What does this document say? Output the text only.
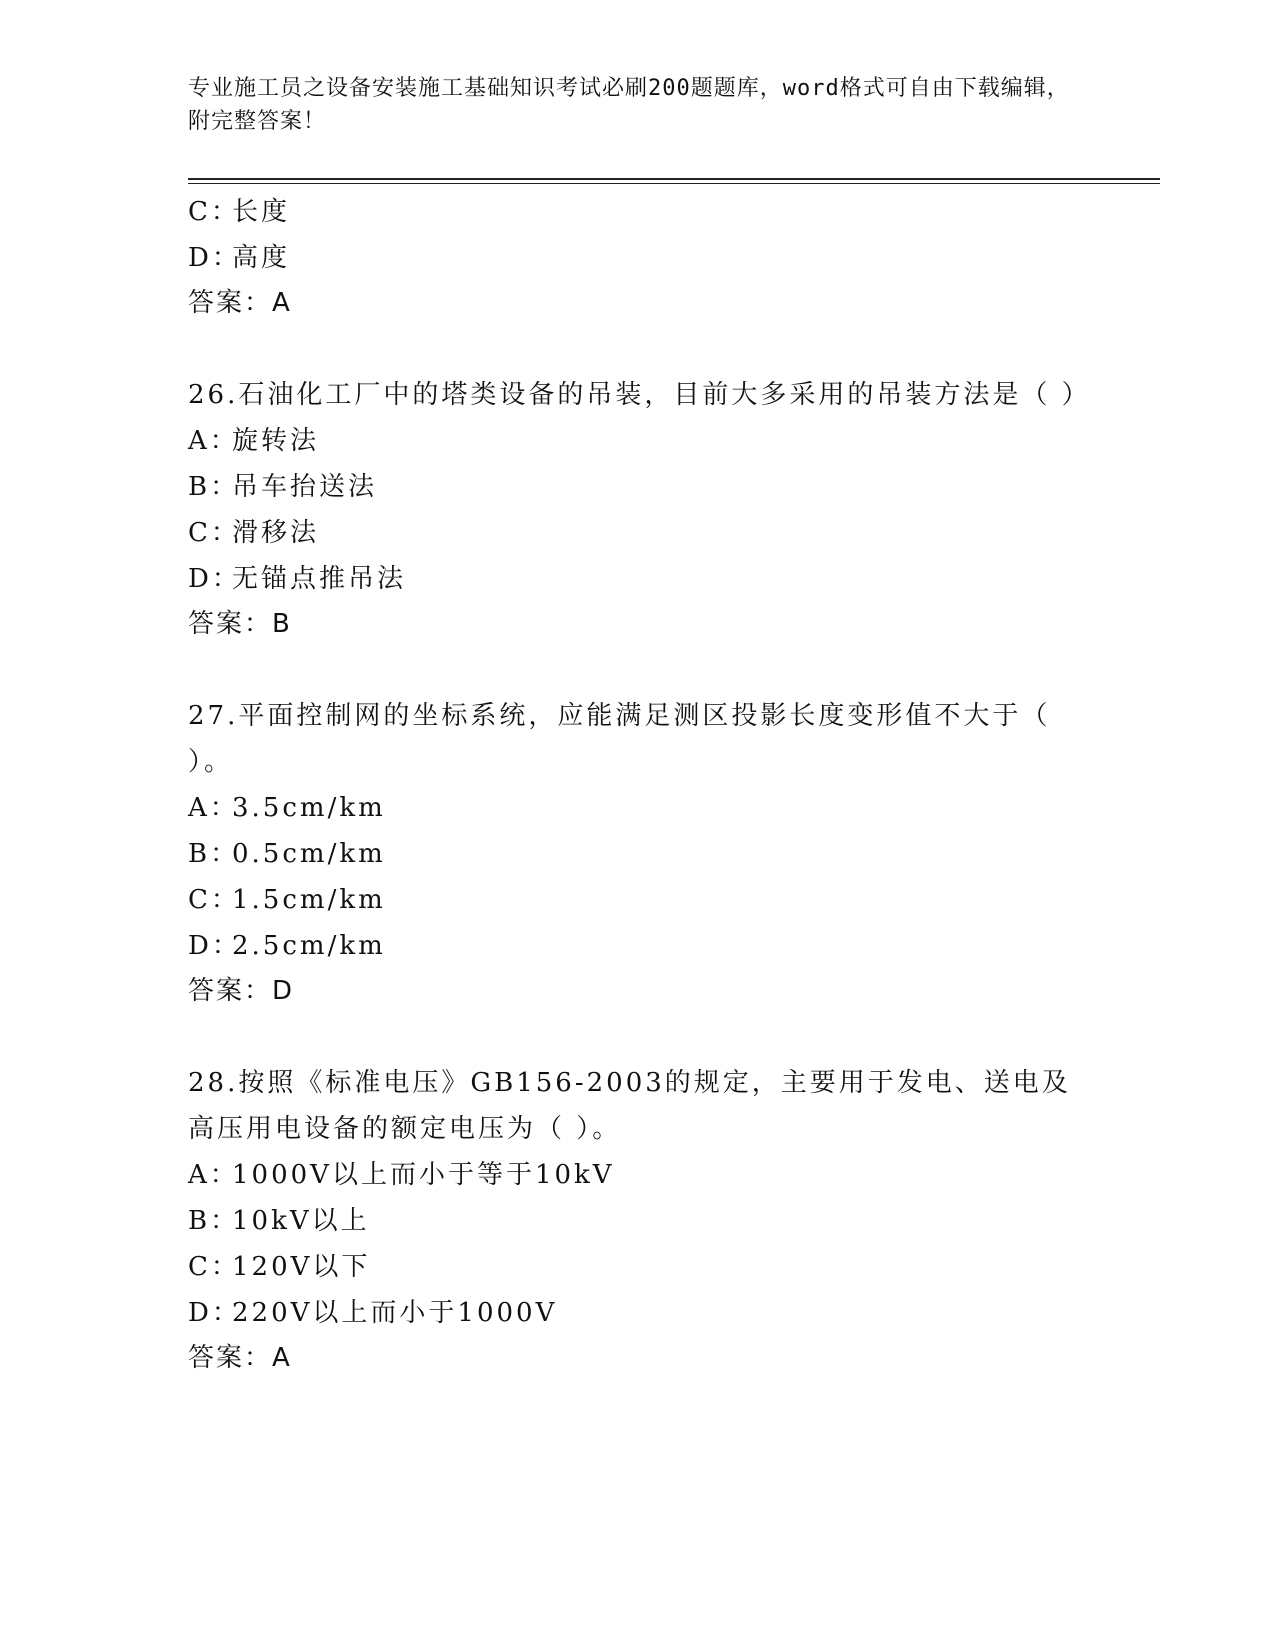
专业施工员之设备安装施工基础知识考试必刷200题题库，word格式可自由下载编辑，附完整答案！
C：长度
D：高度
答案：A
26.石油化工厂中的塔类设备的吊装，目前大多采用的吊装方法是（ ）
A：旋转法
B：吊车抬送法
C：滑移法
D：无锚点推吊法
答案：B
27.平面控制网的坐标系统，应能满足测区投影长度变形值不大于（ ）。
A：3.5cm/km
B：0.5cm/km
C：1.5cm/km
D：2.5cm/km
答案：D
28.按照《标准电压》GB156-2003的规定，主要用于发电、送电及高压用电设备的额定电压为（ ）。
A：1000V以上而小于等于10kV
B：10kV以上
C：120V以下
D：220V以上而小于1000V
答案：A
